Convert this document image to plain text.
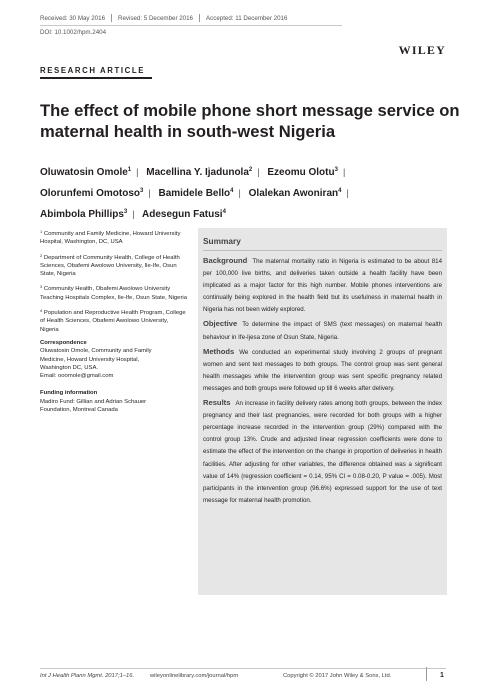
Received: 30 May 2016 Revised: 5 December 2016 Accepted: 11 December 2016
DOI: 10.1002/hpm.2404
WILEY
RESEARCH ARTICLE
The effect of mobile phone short message service on maternal health in south-west Nigeria
Oluwatosin Omole$^1$ | Macellina Y. Ijadunola$^2$ | Ezeomu Olotu$^3$ |
Olorunfemi Omotoso$^3$ | Bamidele Bello$^4$ | Olalekan Awoniran$^4$ |
Abimbola Phillips$^3$ | Adesegun Fatusi$^4$
$^1$ Community and Family Medicine, Howard University Hospital, Washington, DC, USA
$^2$ Department of Community Health, College of Health Sciences, Obafemi Awolowo University, Ile-Ife, Osun State, Nigeria
$^3$ Community Health, Obafemi Awolowo University Teaching Hospitals Complex, Ile-Ife, Osun State, Nigeria
$^4$ Population and Reproductive Health Program, College of Health Sciences, Obafemi Awolowo University, Nigeria
Correspondence
Oluwatosin Omole, Community and Family
Medicine, Howard University Hospital,
Washington DC, USA.
Email: ooomole@gmail.com
Funding information
Madiro Fund: Gillian and Adrian Schauer
Foundation, Montreal Canada
Summary

Background The maternal mortality ratio in Nigeria is estimated to be about 814 per 100,000 live births, and deliveries taken outside a health facility have been implicated as a major factor for this high number. Mobile phones interventions are continually being explored in the health field but its usefulness in maternal health in Nigeria has not been widely explored.

Objective To determine the impact of SMS (text messages) on maternal health behaviour in Ife-Ijesa zone of Osun State, Nigeria.

Methods We conducted an experimental study involving 2 groups of pregnant women and sent text messages to both groups. The control group was sent general health messages while the intervention group was sent specific pregnancy related messages and both groups were followed up till 6 weeks after delivery.

Results An increase in facility delivery rates among both groups, between the index pregnancy and their last pregnancies, were recorded for both groups with a higher percentage increase recorded in the intervention group (29%) compared with the control group 13%. Crude and adjusted linear regression coefficients were done to estimate the effect of the intervention on the change in proportion of deliveries in health facilities. After adjusting for other variables, the difference obtained was a significant value of 14% (regression coefficient = 0.14, 95% CI = 0.08-0.20, P value = .005). Most participants in the intervention group (96.6%) expressed support for the use of text message for maternal health promotion.

Int J Health Plann Mgmt. 2017;1–16.	wileyonlinelibrary.com/journal/hpm	Copyright © 2017 John Wiley & Sons, Ltd.	1
